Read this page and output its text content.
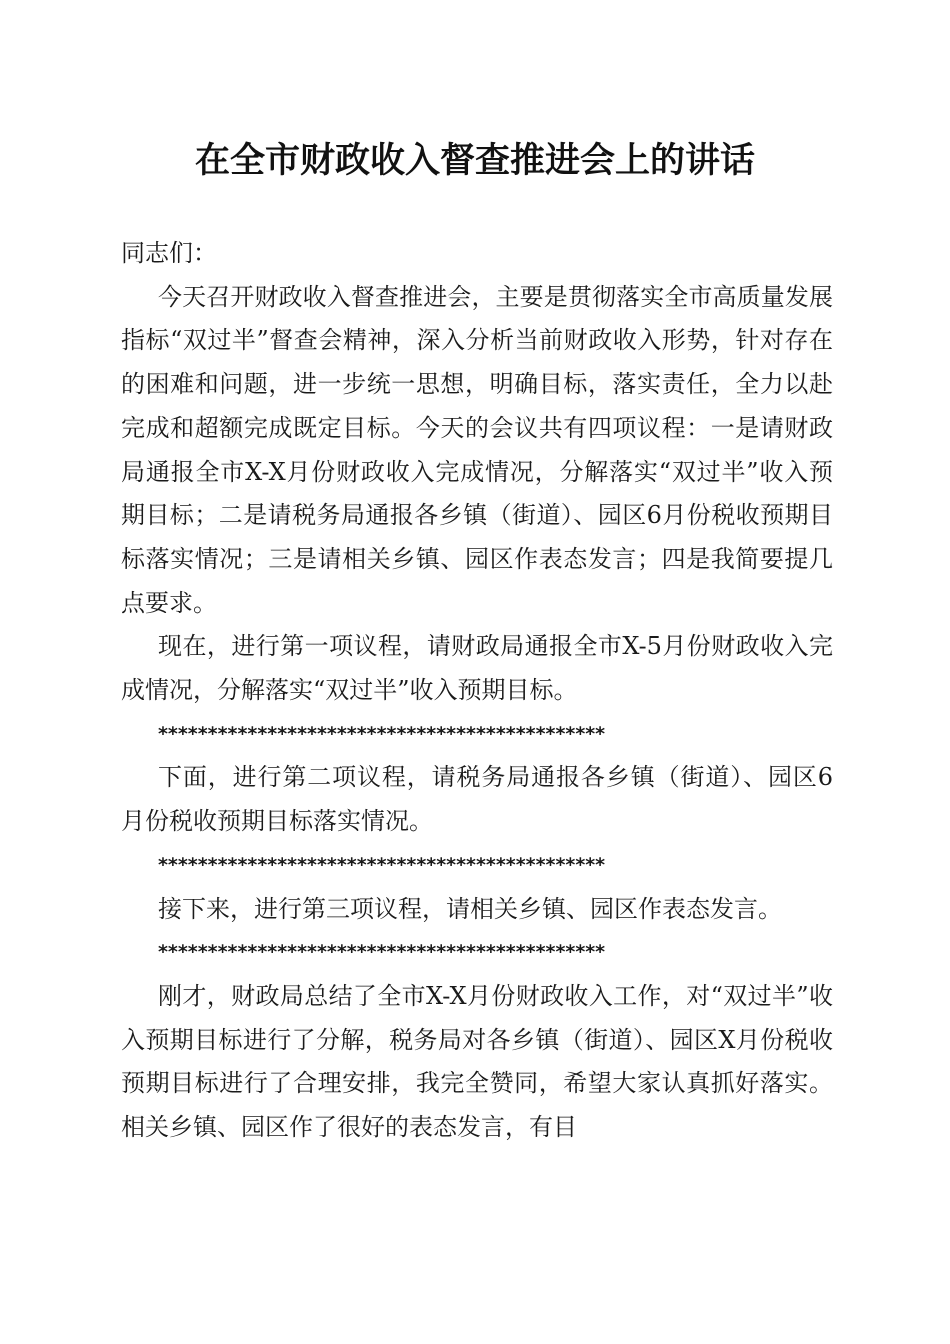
在全市财政收入督查推进会上的讲话

同志们：

今天召开财政收入督查推进会，主要是贯彻落实全市高质量发展指标“双过半”督查会精神，深入分析当前财政收入形势，针对存在的困难和问题，进一步统一思想，明确目标，落实责任，全力以赴完成和超额完成既定目标。今天的会议共有四项议程：一是请财政局通报全市X-X月份财政收入完成情况，分解落实“双过半”收入预期目标；二是请税务局通报各乡镇（街道）、园区6月份税收预期目标落实情况；三是请相关乡镇、园区作表态发言；四是我简要提几点要求。

现在，进行第一项议程，请财政局通报全市X-5月份财政收入完成情况，分解落实“双过半”收入预期目标。

*********************************************

下面，进行第二项议程，请税务局通报各乡镇（街道）、园区6月份税收预期目标落实情况。

*********************************************

接下来，进行第三项议程，请相关乡镇、园区作表态发言。

*********************************************

刚才，财政局总结了全市X-X月份财政收入工作，对“双过半”收入预期目标进行了分解，税务局对各乡镇（街道）、园区X月份税收预期目标进行了合理安排，我完全赞同，希望大家认真抓好落实。相关乡镇、园区作了很好的表态发言，有目
